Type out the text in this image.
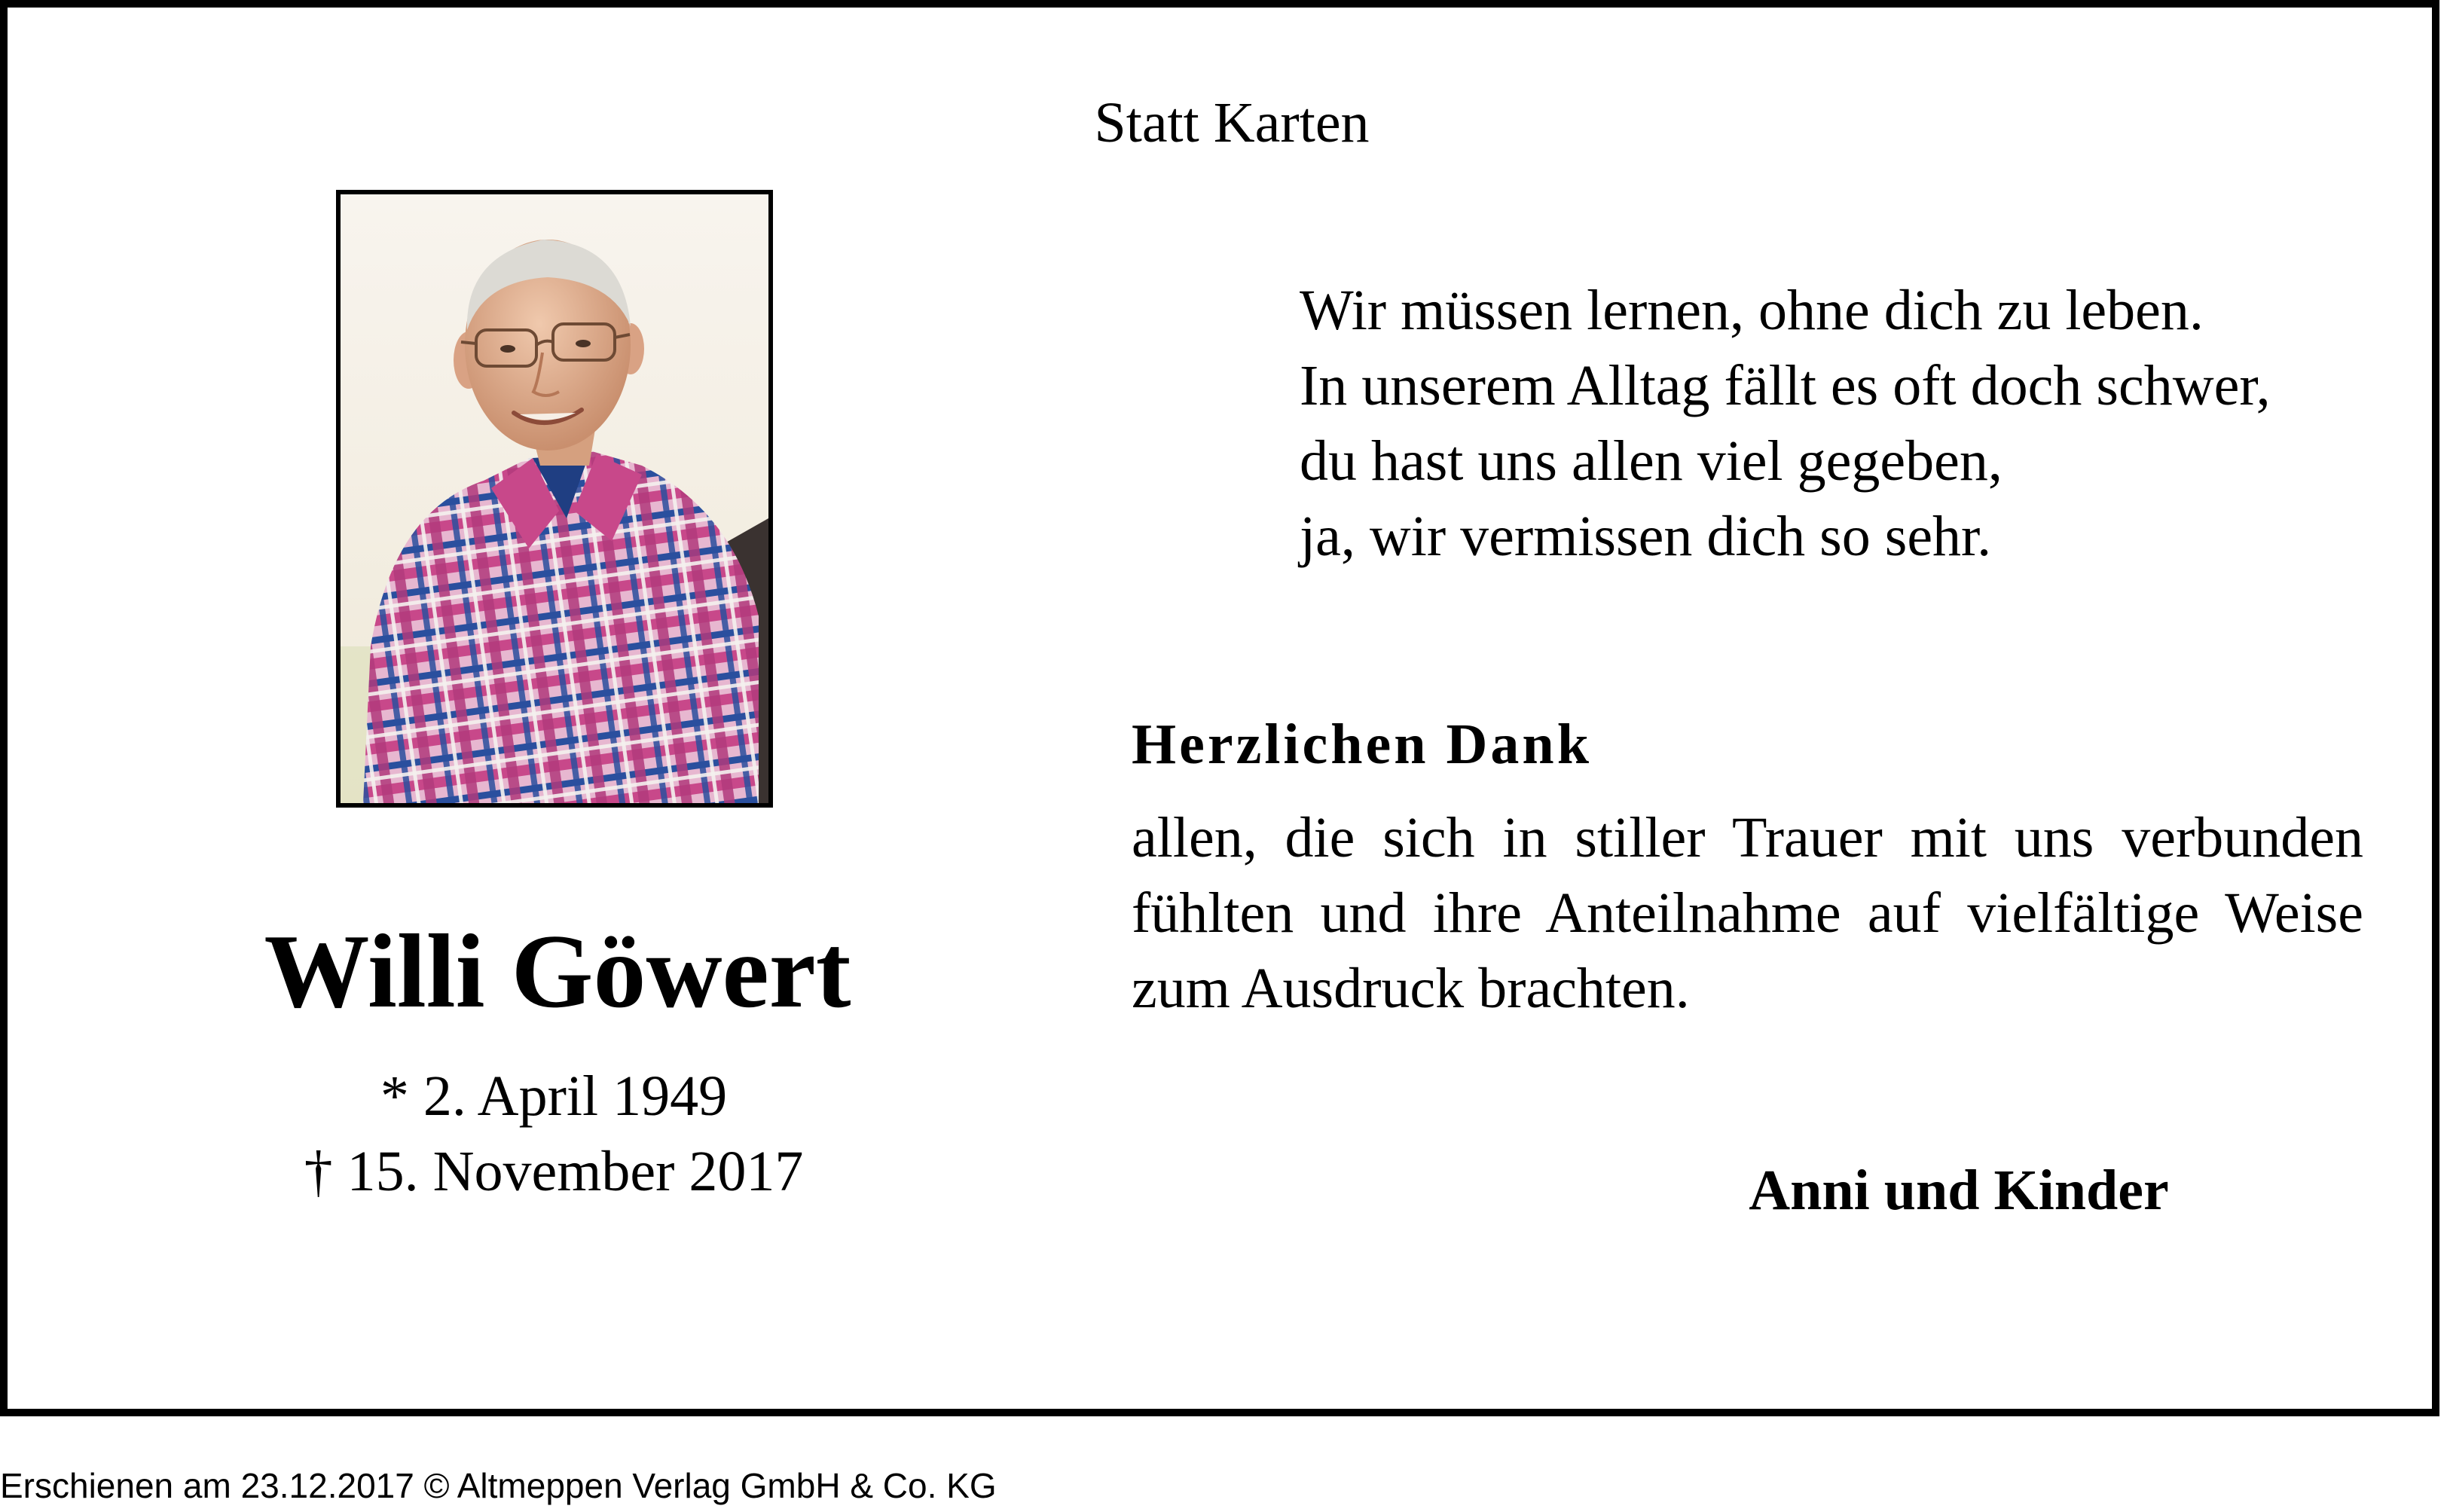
Statt Karten
Willi Göwert
* 2. April 1949
† 15. November 2017
Wir müssen lernen, ohne dich zu leben.
In unserem Alltag fällt es oft doch schwer,
du hast uns allen viel gegeben,
ja, wir vermissen dich so sehr.
Herzlichen Dank
allen, die sich in stiller Trauer mit uns verbunden fühlten und ihre Anteilnahme auf vielfältige Weise zum Ausdruck brachten.
Anni und Kinder
Erschienen am 23.12.2017 © Altmeppen Verlag GmbH & Co. KG
